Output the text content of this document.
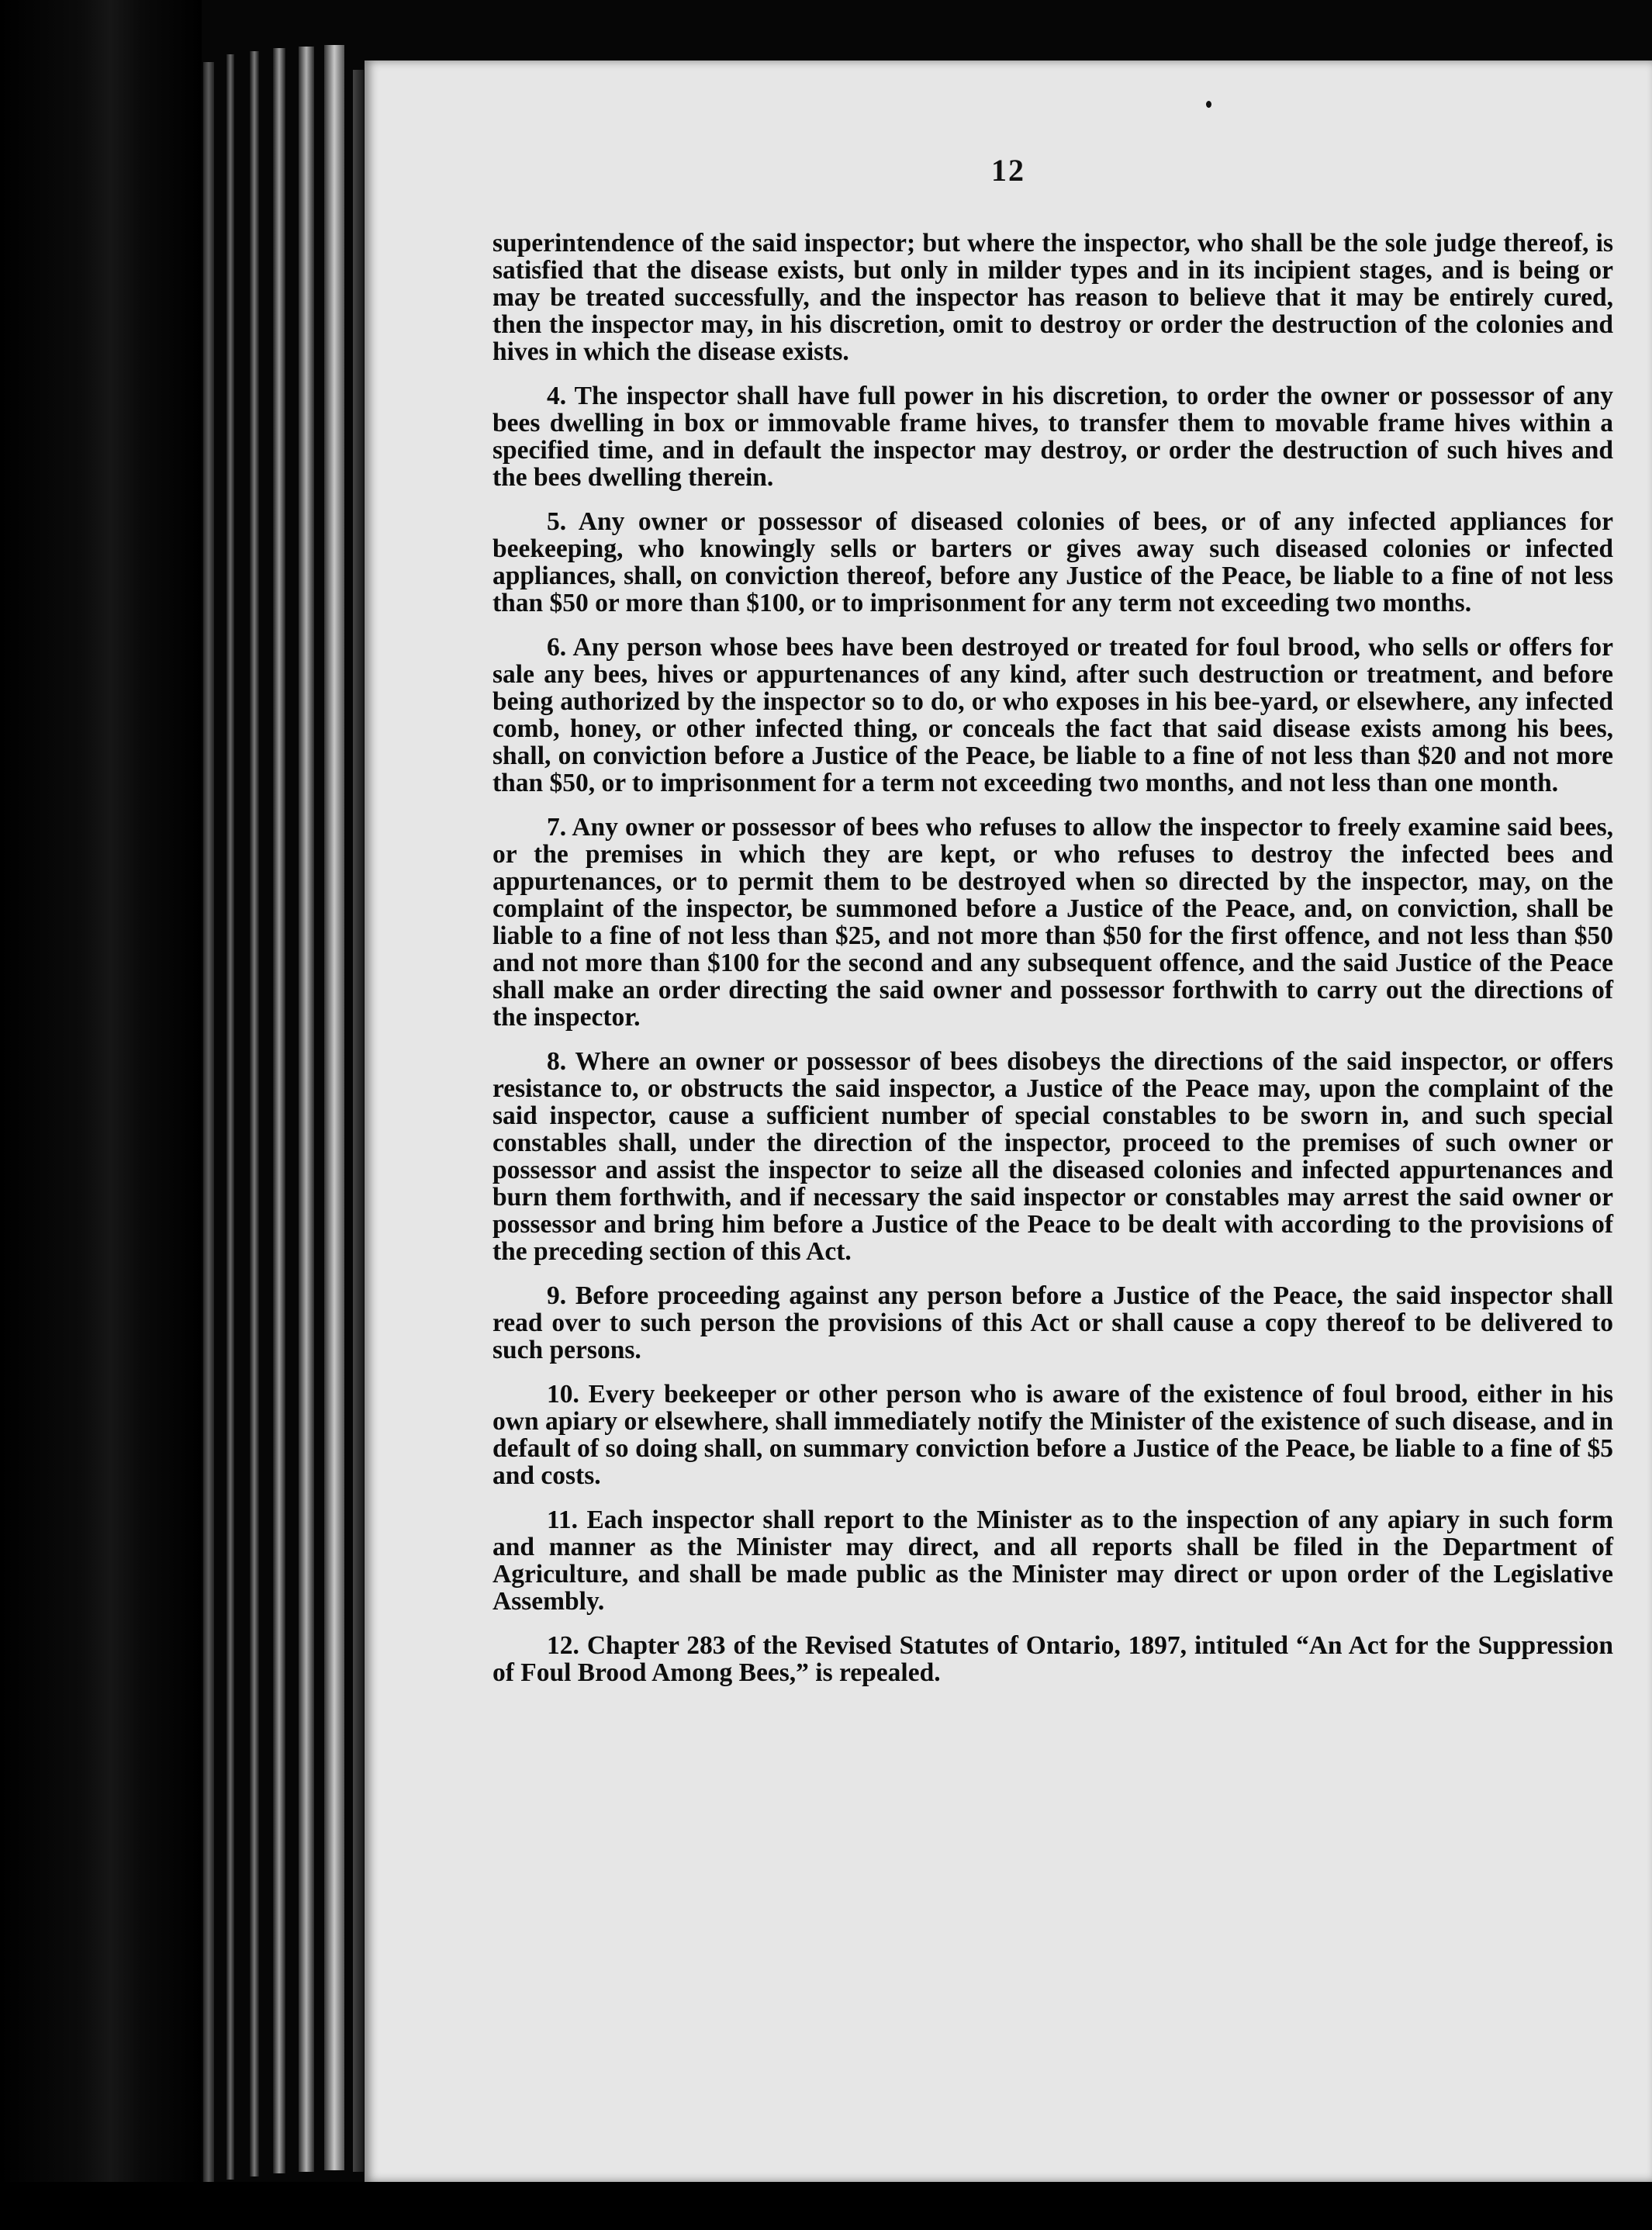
12

superintendence of the said inspector; but where the inspector, who shall be the sole judge thereof, is satisfied that the disease exists, but only in milder types and in its incipient stages, and is being or may be treated successfully, and the inspector has reason to believe that it may be entirely cured, then the inspector may, in his discretion, omit to destroy or order the destruction of the colonies and hives in which the disease exists.

4. The inspector shall have full power in his discretion, to order the owner or possessor of any bees dwelling in box or immovable frame hives, to transfer them to movable frame hives within a specified time, and in default the inspector may destroy, or order the destruction of such hives and the bees dwelling therein.

5. Any owner or possessor of diseased colonies of bees, or of any infected appliances for beekeeping, who knowingly sells or barters or gives away such diseased colonies or infected appliances, shall, on conviction thereof, before any Justice of the Peace, be liable to a fine of not less than $50 or more than $100, or to imprisonment for any term not exceeding two months.

6. Any person whose bees have been destroyed or treated for foul brood, who sells or offers for sale any bees, hives or appurtenances of any kind, after such destruction or treatment, and before being authorized by the inspector so to do, or who exposes in his bee-yard, or elsewhere, any infected comb, honey, or other infected thing, or conceals the fact that said disease exists among his bees, shall, on conviction before a Justice of the Peace, be liable to a fine of not less than $20 and not more than $50, or to imprisonment for a term not exceeding two months, and not less than one month.

7. Any owner or possessor of bees who refuses to allow the inspector to freely examine said bees, or the premises in which they are kept, or who refuses to destroy the infected bees and appurtenances, or to permit them to be destroyed when so directed by the inspector, may, on the complaint of the inspector, be summoned before a Justice of the Peace, and, on conviction, shall be liable to a fine of not less than $25, and not more than $50 for the first offence, and not less than $50 and not more than $100 for the second and any subsequent offence, and the said Justice of the Peace shall make an order directing the said owner and possessor forthwith to carry out the directions of the inspector.

8. Where an owner or possessor of bees disobeys the directions of the said inspector, or offers resistance to, or obstructs the said inspector, a Justice of the Peace may, upon the complaint of the said inspector, cause a sufficient number of special constables to be sworn in, and such special constables shall, under the direction of the inspector, proceed to the premises of such owner or possessor and assist the inspector to seize all the diseased colonies and infected appurtenances and burn them forthwith, and if necessary the said inspector or constables may arrest the said owner or possessor and bring him before a Justice of the Peace to be dealt with according to the provisions of the preceding section of this Act.

9. Before proceeding against any person before a Justice of the Peace, the said inspector shall read over to such person the provisions of this Act or shall cause a copy thereof to be delivered to such persons.

10. Every beekeeper or other person who is aware of the existence of foul brood, either in his own apiary or elsewhere, shall immediately notify the Minister of the existence of such disease, and in default of so doing shall, on summary conviction before a Justice of the Peace, be liable to a fine of $5 and costs.

11. Each inspector shall report to the Minister as to the inspection of any apiary in such form and manner as the Minister may direct, and all reports shall be filed in the Department of Agriculture, and shall be made public as the Minister may direct or upon order of the Legislative Assembly.

12. Chapter 283 of the Revised Statutes of Ontario, 1897, intituled “An Act for the Suppression of Foul Brood Among Bees,” is repealed.
